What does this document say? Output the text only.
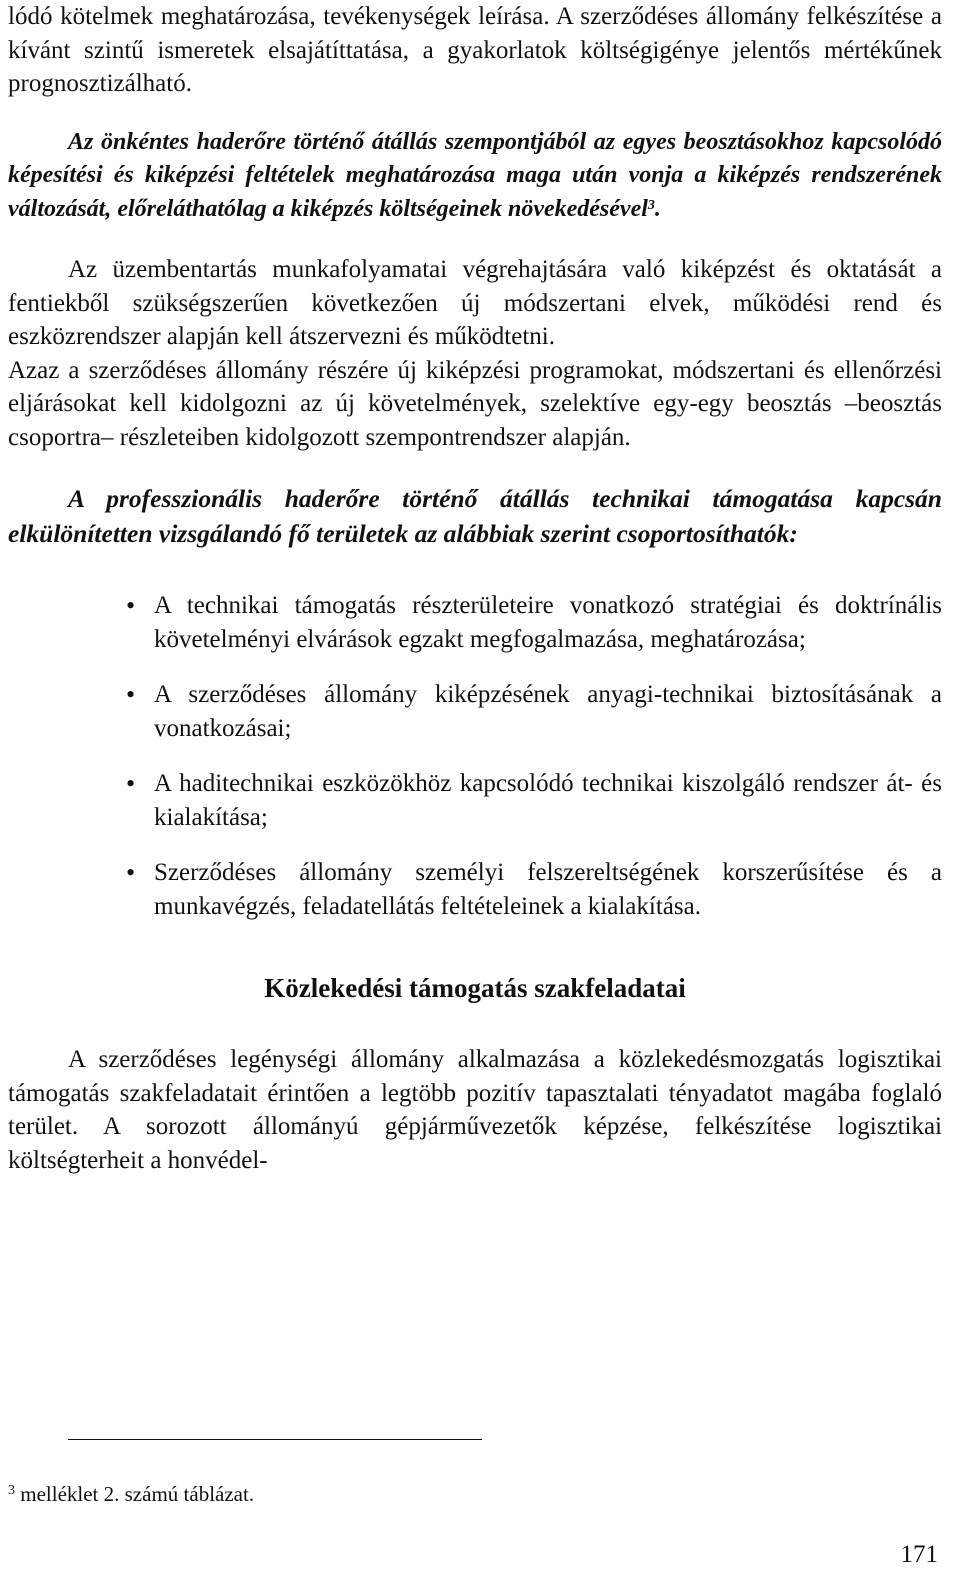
lódó kötelmek meghatározása, tevékenységek leírása. A szerződéses állomány felkészítése a kívánt szintű ismeretek elsajátíttatása, a gyakorlatok költségigénye jelentős mértékűnek prognosztizálható.

Az önkéntes haderőre történő átállás szempontjából az egyes beosztásokhoz kapcsolódó képesítési és kiképzési feltételek meghatározása maga után vonja a kiképzés rendszerének változását, előreláthatólag a kiképzés költségeinek növekedésével$^3$.

Az üzembentartás munkafolyamatai végrehajtására való kiképzést és oktatását a fentiekből szükségszerűen következően új módszertani elvek, működési rend és eszközrendszer alapján kell átszervezni és működtetni.

Azaz a szerződéses állomány részére új kiképzési programokat, módszertani és ellenőrzési eljárásokat kell kidolgozni az új követelmények, szelektíve egy-egy beosztás –beosztás csoportra– részleteiben kidolgozott szempontrendszer alapján.

A professzionális haderőre történő átállás technikai támogatása kapcsán elkülönítetten vizsgálandó fő területek az alábbiak szerint csoportosíthatók:

• A technikai támogatás részterületeire vonatkozó stratégiai és doktrínális követelményi elvárások egzakt megfogalmazása, meghatározása;
• A szerződéses állomány kiképzésének anyagi-technikai biztosításának a vonatkozásai;
• A haditechnikai eszközökhöz kapcsolódó technikai kiszolgáló rendszer át- és kialakítása;
• Szerződéses állomány személyi felszereltségének korszerűsítése és a munkavégzés, feladatellátás feltételeinek a kialakítása.
Közlekedési támogatás szakfeladatai

A szerződéses legénységi állomány alkalmazása a közlekedésmozgatás logisztikai támogatás szakfeladatait érintően a legtöbb pozitív tapasztalati tényadatot magába foglaló terület. A sorozott állományú gépjárművezetők képzése, felkészítése logisztikai költségterheit a honvédel-

$^3$ melléklet 2. számú táblázat.
171
